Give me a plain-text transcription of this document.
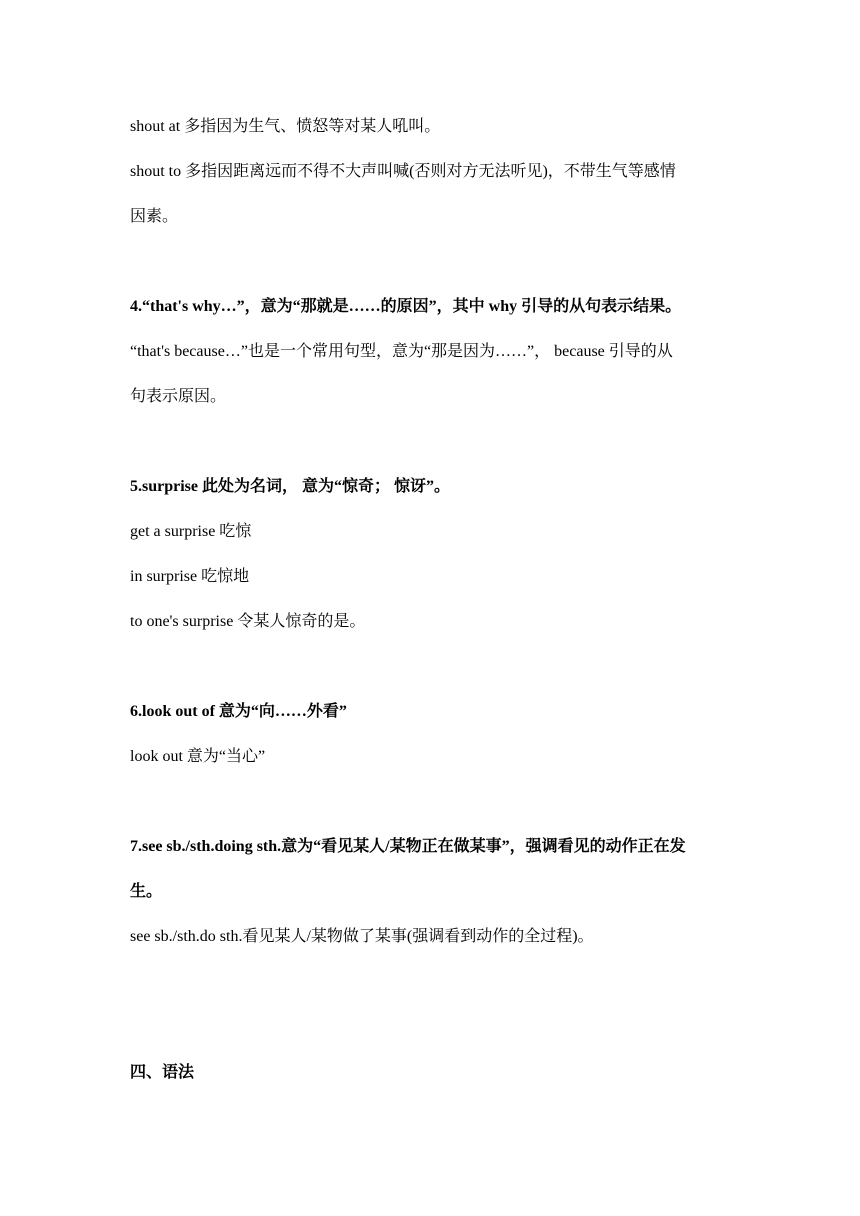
shout at 多指因为生气、愤怒等对某人吼叫。
shout to 多指因距离远而不得不大声叫喊(否则对方无法听见)，不带生气等感情
因素。
4.“that's why…”，意为“那就是……的原因”，其中 why 引导的从句表示结果。
“that's because…”也是一个常用句型，意为“那是因为……”， because 引导的从
句表示原因。
5.surprise 此处为名词， 意为“惊奇； 惊讶”。
get a surprise 吃惊
in surprise 吃惊地
to one's surprise 令某人惊奇的是。
6.look out of 意为“向……外看”
look out 意为“当心”
7.see sb./sth.doing sth.意为“看见某人/某物正在做某事”，强调看见的动作正在发
生。
see sb./sth.do sth.看见某人/某物做了某事(强调看到动作的全过程)。
四、语法
